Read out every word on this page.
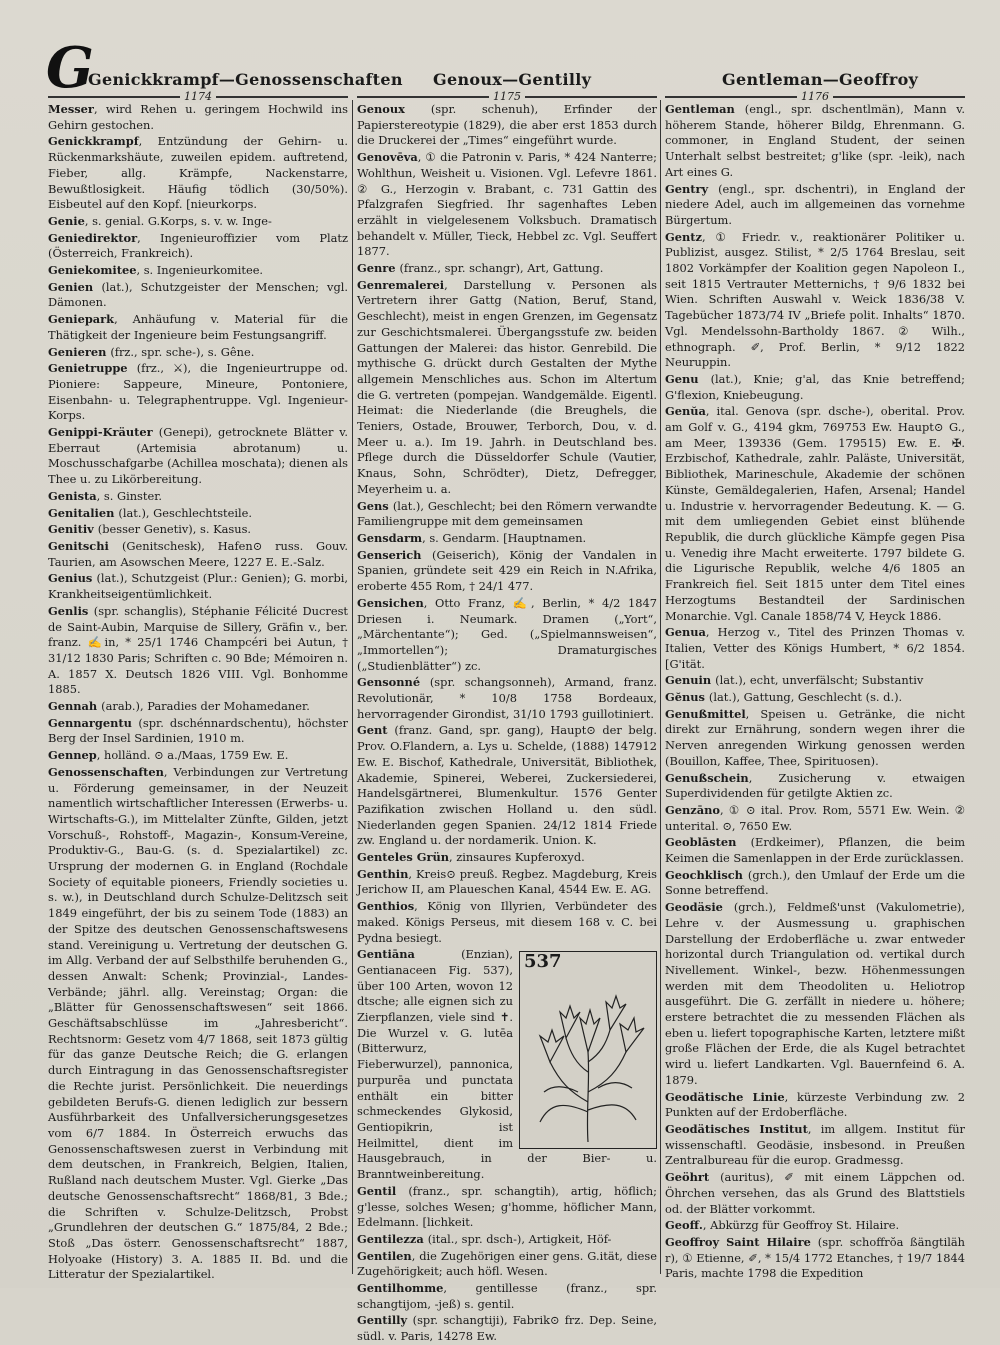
G
Genickkrampf—Genossenschaften Genoux—Gentilly	Gentleman—Geoffroy
1174	1175	1176
Messer, wird Rehen u. geringem Hochwild ins Gehirn gestochen.
Genickkrampf, Entzündung der Gehirn- u. Rückenmarkshäute, zuweilen epidem. auftretend, Fieber, allg. Krämpfe, Nackenstarre, Bewußtlosigkeit. Häufig tödlich (30/50%). Eisbeutel auf den Kopf. [nieurkorps.
Genie, s. genial. G.Korps, s. v. w. Inge-
Geniedirektor, Ingenieuroffizier vom Platz (Österreich, Frankreich).
Geniekomitee, s. Ingenieurkomitee.
Genien (lat.), Schutzgeister der Menschen; vgl. Dämonen.
Geniepark, Anhäufung v. Material für die Thätigkeit der Ingenieure beim Festungsangriff.
Genieren (frz., spr. sche-), s. Gêne.
Genietruppe (frz., ⚔), die Ingenieurtruppe od. Pioniere: Sappeure, Mineure, Pontoniere, Eisenbahn- u. Telegraphentruppe. Vgl. Ingenieur-Korps.
Genippi-Kräuter (Genepi), getrocknete Blätter v. Eberraut (Artemisia abrotanum) u. Moschusschafgarbe (Achillea moschata); dienen als Thee u. zu Likörbereitung.
Genista, s. Ginster.
Genitalien (lat.), Geschlechtsteile.
Genitiv (besser Genetiv), s. Kasus.
Genitschi (Genitschesk), Hafen⊙ russ. Gouv. Taurien, am Asowschen Meere, 1227 E. E.-Salz.
Genius (lat.), Schutzgeist (Plur.: Genien); G. morbi, Krankheitseigentümlichkeit.
Genlis (spr. schanglis), Stéphanie Félicité Ducrest de Saint-Aubin, Marquise de Sillery, Gräfin v., ber. franz. ✍in, * 25/1 1746 Champcéri bei Autun, † 31/12 1830 Paris; Schriften c. 90 Bde; Mémoiren n. A. 1857 X. Deutsch 1826 VIII. Vgl. Bonhomme 1885.
Gennah (arab.), Paradies der Mohamedaner.
Gennargentu (spr. dschénnardschentu), höchster Berg der Insel Sardinien, 1910 m.
Gennep, holländ. ⊙ a./Maas, 1759 Ew. E.
Genossenschaften, Verbindungen zur Vertretung u. Förderung gemeinsamer, in der Neuzeit namentlich wirtschaftlicher Interessen (Erwerbs- u. Wirtschafts-G.), im Mittelalter Zünfte, Gilden, jetzt Vorschuß-, Rohstoff-, Magazin-, Konsum-Vereine, Produktiv-G., Bau-G. (s. d. Spezialartikel) zc. Ursprung der modernen G. in England (Rochdale Society of equitable pioneers, Friendly societies u. s. w.), in Deutschland durch Schulze-Delitzsch seit 1849 eingeführt, der bis zu seinem Tode (1883) an der Spitze des deutschen Genossenschaftswesens stand. Vereinigung u. Vertretung der deutschen G. im Allg. Verband der auf Selbsthilfe beruhenden G., dessen Anwalt: Schenk; Provinzial-, Landes-Verbände; jährl. allg. Vereinstag; Organ: die „Blätter für Genossenschaftswesen“ seit 1866. Geschäftsabschlüsse im „Jahresbericht“. Rechtsnorm: Gesetz vom 4/7 1868, seit 1873 gültig für das ganze Deutsche Reich; die G. erlangen durch Eintragung in das Genossenschaftsregister die Rechte jurist. Persönlichkeit. Die neuerdings gebildeten Berufs-G. dienen lediglich zur bessern Ausführbarkeit des Unfallversicherungsgesetzes vom 6/7 1884. In Österreich erwuchs das Genossenschaftswesen zuerst in Verbindung mit dem deutschen, in Frankreich, Belgien, Italien, Rußland nach deutschem Muster. Vgl. Gierke „Das deutsche Genossenschaftsrecht“ 1868/81, 3 Bde.; die Schriften v. Schulze-Delitzsch, Probst „Grundlehren der deutschen G.“ 1875/84, 2 Bde.; Stoß „Das österr. Genossenschaftsrecht“ 1887, Holyoake (History) 3. A. 1885 II. Bd. und die Litteratur der Spezialartikel.
Genoux (spr. schenuh), Erfinder der Papierstereotypie (1829), die aber erst 1853 durch die Druckerei der „Times“ eingeführt wurde.
Genovēva, ① die Patronin v. Paris, * 424 Nanterre; Wohlthun, Weisheit u. Visionen. Vgl. Lefevre 1861. ② G., Herzogin v. Brabant, c. 731 Gattin des Pfalzgrafen Siegfried. Ihr sagenhaftes Leben erzählt in vielgelesenem Volksbuch. Dramatisch behandelt v. Müller, Tieck, Hebbel zc. Vgl. Seuffert 1877.
Genre (franz., spr. schangr), Art, Gattung.
Genremalerei, Darstellung v. Personen als Vertretern ihrer Gattg (Nation, Beruf, Stand, Geschlecht), meist in engen Grenzen, im Gegensatz zur Geschichtsmalerei. Übergangsstufe zw. beiden Gattungen der Malerei: das histor. Genrebild. Die mythische G. drückt durch Gestalten der Mythe allgemein Menschliches aus. Schon im Altertum die G. vertreten (pompejan. Wandgemälde. Eigentl. Heimat: die Niederlande (die Breughels, die Teniers, Ostade, Brouwer, Terborch, Dou, v. d. Meer u. a.). Im 19. Jahrh. in Deutschland bes. Pflege durch die Düsseldorfer Schule (Vautier, Knaus, Sohn, Schrödter), Dietz, Defregger, Meyerheim u. a.
Gens (lat.), Geschlecht; bei den Römern verwandte Familiengruppe mit dem gemeinsamen
Gensdarm, s. Gendarm. [Hauptnamen.
Genserich (Geiserich), König der Vandalen in Spanien, gründete seit 429 ein Reich in N.Afrika, eroberte 455 Rom, † 24/1 477.
Gensichen, Otto Franz, ✍, Berlin, * 4/2 1847 Driesen i. Neumark. Dramen („Yort“, „Märchentante“); Ged. („Spielmannsweisen“, „Immortellen“); Dramaturgisches („Studienblätter“) zc.
Gensonné (spr. schangsonneh), Armand, franz. Revolutionär, * 10/8 1758 Bordeaux, hervorragender Girondist, 31/10 1793 guillotiniert.
Gent (franz. Gand, spr. gang), Haupt⊙ der belg. Prov. O.Flandern, a. Lys u. Schelde, (1888) 147912 Ew. E. Bischof, Kathedrale, Universität, Bibliothek, Akademie, Spinerei, Weberei, Zuckersiederei, Handelsgärtnerei, Blumenkultur. 1576 Genter Pazifikation zwischen Holland u. den südl. Niederlanden gegen Spanien. 24/12 1814 Friede zw. England u. der nordamerik. Union. K.
Genteles Grün, zinsaures Kupferoxyd.
Genthin, Kreis⊙ preuß. Regbez. Magdeburg, Kreis Jerichow II, am Plaueschen Kanal, 4544 Ew. E. AG.
Genthios, König von Illyrien, Verbündeter des maked. Königs Perseus, mit diesem 168 v. C. bei Pydna besiegt.
537
Gentiāna (Enzian), Gentianaceen Fig. 537), über 100 Arten, wovon 12 dtsche; alle eignen sich zu Zierpflanzen, viele sind ✝. Die Wurzel v. G. lutēa (Bitterwurz, Fieberwurzel), pannonica, purpurēa und punctata enthält ein bitter schmeckendes Glykosid, Gentiopikrin, ist Heilmittel, dient im Hausgebrauch, in der Bier- u. Branntweinbereitung.
Gentil (franz., spr. schangtih), artig, höflich; g'lesse, solches Wesen; g'homme, höflicher Mann, Edelmann. [lichkeit.
Gentilezza (ital., spr. dsch-), Artigkeit, Höf-
Gentilen, die Zugehörigen einer gens. G.ität, diese Zugehörigkeit; auch höfl. Wesen.
Gentilhomme, gentillesse (franz., spr. schangtijom, -jeß) s. gentil.
Gentilly (spr. schangtiji), Fabrik⊙ frz. Dep. Seine, südl. v. Paris, 14278 Ew.
Gentleman (engl., spr. dschentlmän), Mann v. höherem Stande, höherer Bildg, Ehrenmann. G. commoner, in England Student, der seinen Unterhalt selbst bestreitet; g'like (spr. -leik), nach Art eines G.
Gentry (engl., spr. dschentri), in England der niedere Adel, auch im allgemeinen das vornehme Bürgertum.
Gentz, ① Friedr. v., reaktionärer Politiker u. Publizist, ausgez. Stilist, * 2/5 1764 Breslau, seit 1802 Vorkämpfer der Koalition gegen Napoleon I., seit 1815 Vertrauter Metternichs, † 9/6 1832 bei Wien. Schriften Auswahl v. Weick 1836/38 V. Tagebücher 1873/74 IV „Briefe polit. Inhalts“ 1870. Vgl. Mendelssohn-Bartholdy 1867. ② Wilh., ethnograph. ✐, Prof. Berlin, * 9/12 1822 Neuruppin.
Genu (lat.), Knie; g'al, das Knie betreffend; G'flexion, Kniebeugung.
Genŭa, ital. Genova (spr. dsche-), oberital. Prov. am Golf v. G., 4194 gkm, 769753 Ew. Haupt⊙ G., am Meer, 139336 (Gem. 179515) Ew. E. ✠. Erzbischof, Kathedrale, zahlr. Paläste, Universität, Bibliothek, Marineschule, Akademie der schönen Künste, Gemäldegalerien, Hafen, Arsenal; Handel u. Industrie v. hervorragender Bedeutung. K. — G. mit dem umliegenden Gebiet einst blühende Republik, die durch glückliche Kämpfe gegen Pisa u. Venedig ihre Macht erweiterte. 1797 bildete G. die Ligurische Republik, welche 4/6 1805 an Frankreich fiel. Seit 1815 unter dem Titel eines Herzogtums Bestandteil der Sardinischen Monarchie. Vgl. Canale 1858/74 V, Heyck 1886.
Genua, Herzog v., Titel des Prinzen Thomas v. Italien, Vetter des Königs Humbert, * 6/2 1854. [G'ität.
Genuin (lat.), echt, unverfälscht; Substantiv
Gĕnus (lat.), Gattung, Geschlecht (s. d.).
Genußmittel, Speisen u. Getränke, die nicht direkt zur Ernährung, sondern wegen ihrer die Nerven anregenden Wirkung genossen werden (Bouillon, Kaffee, Thee, Spirituosen).
Genußschein, Zusicherung v. etwaigen Superdividenden für getilgte Aktien zc.
Genzāno, ① ⊙ ital. Prov. Rom, 5571 Ew. Wein. ② unterital. ⊙, 7650 Ew.
Geoblāsten (Erdkeimer), Pflanzen, die beim Keimen die Samenlappen in der Erde zurücklassen.
Geochklisch (grch.), den Umlauf der Erde um die Sonne betreffend.
Geodäsie (grch.), Feldmeß'unst (Vakulometrie), Lehre v. der Ausmessung u. graphischen Darstellung der Erdoberfläche u. zwar entweder horizontal durch Triangulation od. vertikal durch Nivellement. Winkel-, bezw. Höhenmessungen werden mit dem Theodoliten u. Heliotrop ausgeführt. Die G. zerfällt in niedere u. höhere; erstere betrachtet die zu messenden Flächen als eben u. liefert topographische Karten, letztere mißt große Flächen der Erde, die als Kugel betrachtet wird u. liefert Landkarten. Vgl. Bauernfeind 6. A. 1879.
Geodätische Linie, kürzeste Verbindung zw. 2 Punkten auf der Erdoberfläche.
Geodätisches Institut, im allgem. Institut für wissenschaftl. Geodäsie, insbesond. in Preußen Zentralbureau für die europ. Gradmessg.
Geöhrt (auritus), ✐ mit einem Läppchen od. Öhrchen versehen, das als Grund des Blattstiels od. der Blätter vorkommt.
Geoff., Abkürzg für Geoffroy St. Hilaire.
Geoffroy Saint Hilaire (spr. schoffrŏa ßängtiläh r), ① Etienne, ✐, * 15/4 1772 Etanches, † 19/7 1844 Paris, machte 1798 die Expedition
